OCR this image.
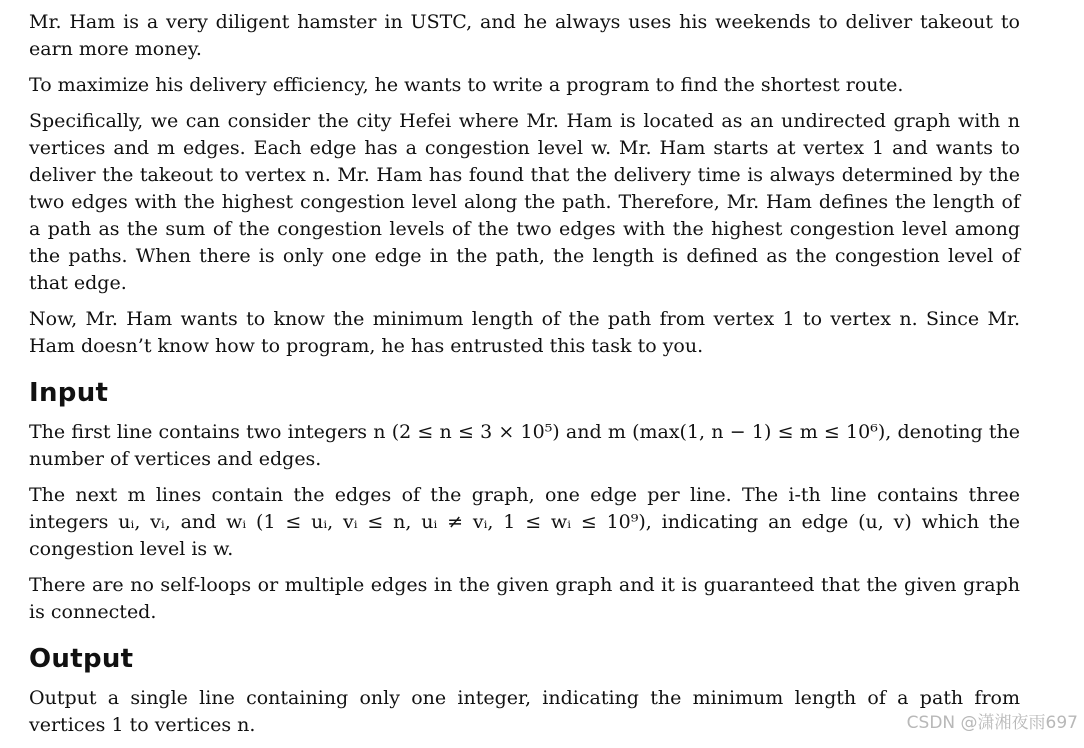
Mr. Ham is a very diligent hamster in USTC, and he always uses his weekends to deliver takeout to earn more money.

To maximize his delivery efficiency, he wants to write a program to find the shortest route.

Specifically, we can consider the city Hefei where Mr. Ham is located as an undirected graph with n vertices and m edges. Each edge has a congestion level w. Mr. Ham starts at vertex 1 and wants to deliver the takeout to vertex n. Mr. Ham has found that the delivery time is always determined by the two edges with the highest congestion level along the path. Therefore, Mr. Ham defines the length of a path as the sum of the congestion levels of the two edges with the highest congestion level among the paths. When there is only one edge in the path, the length is defined as the congestion level of that edge.

Now, Mr. Ham wants to know the minimum length of the path from vertex 1 to vertex n. Since Mr. Ham doesn’t know how to program, he has entrusted this task to you.

Input

The first line contains two integers n (2 ≤ n ≤ 3 × 10⁵) and m (max(1, n − 1) ≤ m ≤ 10⁶), denoting the number of vertices and edges.

The next m lines contain the edges of the graph, one edge per line. The i-th line contains three integers uᵢ, vᵢ, and wᵢ (1 ≤ uᵢ, vᵢ ≤ n, uᵢ ≠ vᵢ, 1 ≤ wᵢ ≤ 10⁹), indicating an edge (u, v) which the congestion level is w.

There are no self-loops or multiple edges in the given graph and it is guaranteed that the given graph is connected.

Output

Output a single line containing only one integer, indicating the minimum length of a path from vertices 1 to vertices n.	CSDN @潇湘夜雨697
